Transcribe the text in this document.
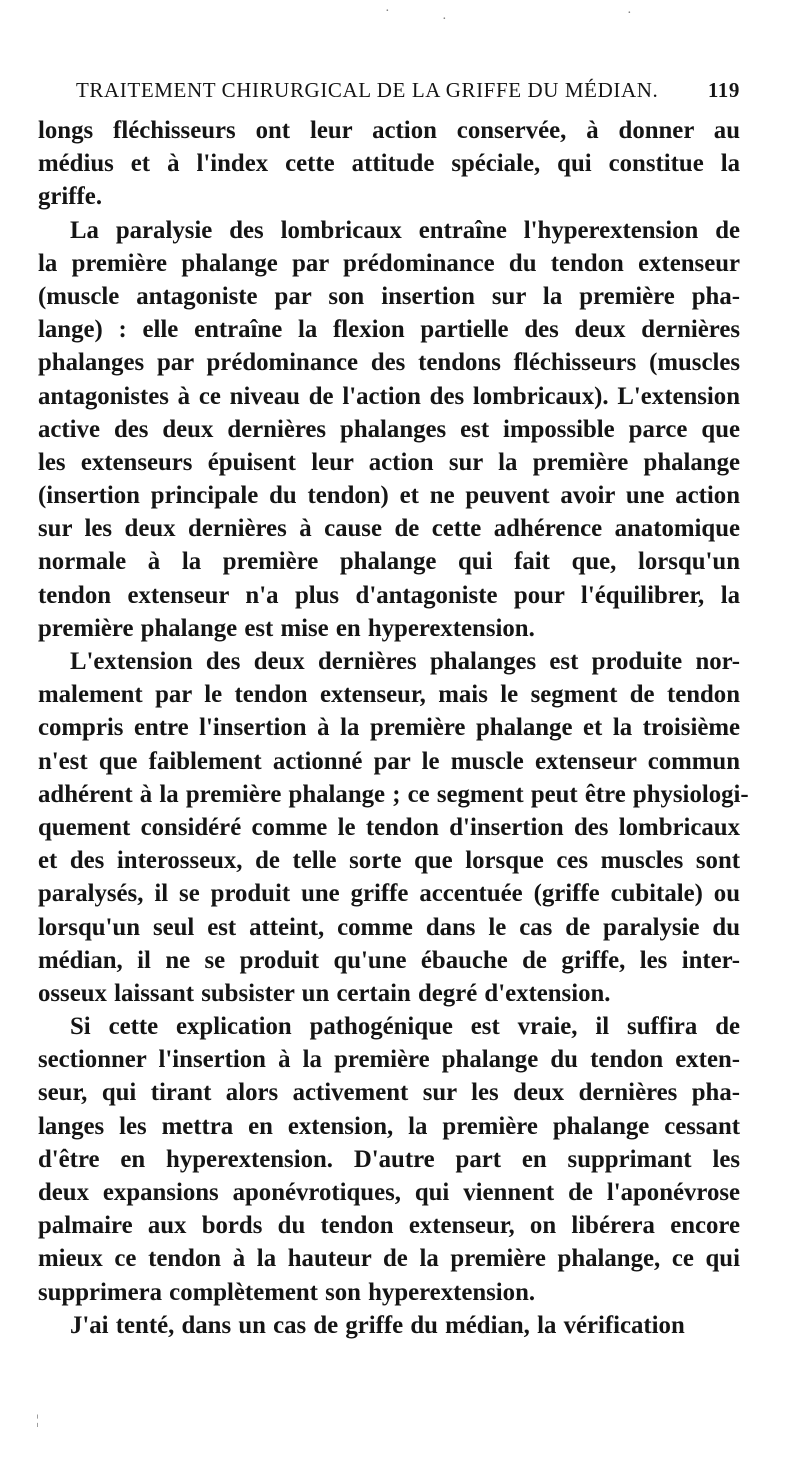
TRAITEMENT CHIRURGICAL DE LA GRIFFE DU MÉDIAN. 119
longs fléchisseurs ont leur action conservée, à donner au
médius et à l'index cette attitude spéciale, qui constitue la
griffe.
La paralysie des lombricaux entraîne l'hyperextension de
la première phalange par prédominance du tendon extenseur
(muscle antagoniste par son insertion sur la première pha-
lange) : elle entraîne la flexion partielle des deux dernières
phalanges par prédominance des tendons fléchisseurs (muscles
antagonistes à ce niveau de l'action des lombricaux). L'extension
active des deux dernières phalanges est impossible parce que
les extenseurs épuisent leur action sur la première phalange
(insertion principale du tendon) et ne peuvent avoir une action
sur les deux dernières à cause de cette adhérence anatomique
normale à la première phalange qui fait que, lorsqu'un
tendon extenseur n'a plus d'antagoniste pour l'équilibrer, la
première phalange est mise en hyperextension.
L'extension des deux dernières phalanges est produite nor-
malement par le tendon extenseur, mais le segment de tendon
compris entre l'insertion à la première phalange et la troisième
n'est que faiblement actionné par le muscle extenseur commun
adhérent à la première phalange ; ce segment peut être physiologi-
quement considéré comme le tendon d'insertion des lombricaux
et des interosseux, de telle sorte que lorsque ces muscles sont
paralysés, il se produit une griffe accentuée (griffe cubitale) ou
lorsqu'un seul est atteint, comme dans le cas de paralysie du
médian, il ne se produit qu'une ébauche de griffe, les inter-
osseux laissant subsister un certain degré d'extension.
Si cette explication pathogénique est vraie, il suffira de
sectionner l'insertion à la première phalange du tendon exten-
seur, qui tirant alors activement sur les deux dernières pha-
langes les mettra en extension, la première phalange cessant
d'être en hyperextension. D'autre part en supprimant les
deux expansions aponévrotiques, qui viennent de l'aponévrose
palmaire aux bords du tendon extenseur, on libérera encore
mieux ce tendon à la hauteur de la première phalange, ce qui
supprimera complètement son hyperextension.
J'ai tenté, dans un cas de griffe du médian, la vérification
·
·	·
¦
